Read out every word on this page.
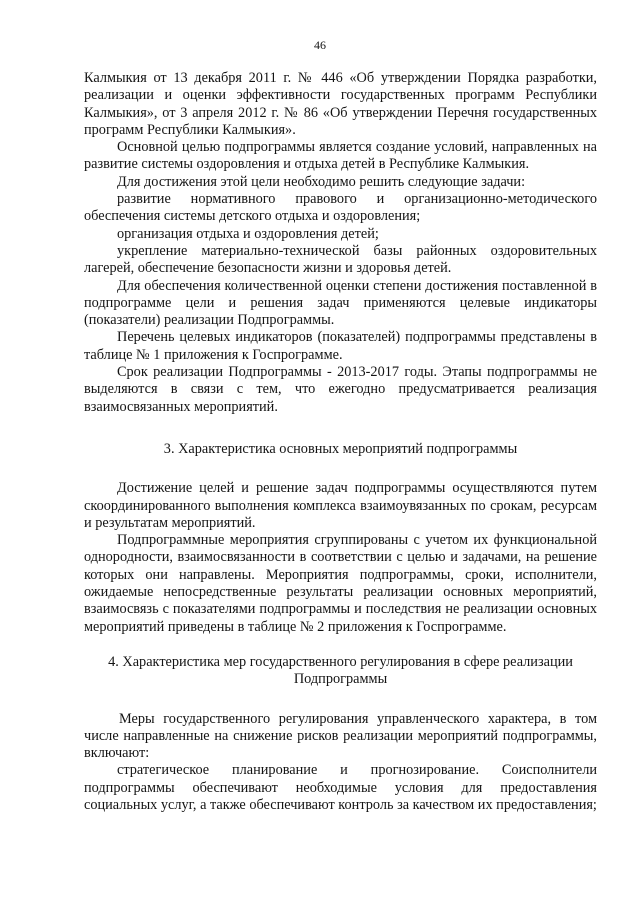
46

Калмыкия от 13 декабря 2011 г. № 446 «Об утверждении Порядка разработки, реализации и оценки эффективности государственных программ Республики Калмыкия», от 3 апреля 2012 г. № 86 «Об утверждении Перечня государственных программ Республики Калмыкия».

Основной целью подпрограммы является создание условий, направленных на развитие системы оздоровления и отдыха детей в Республике Калмыкия.

Для достижения этой цели необходимо решить следующие задачи:

развитие нормативного правового и организационно-методического обеспечения системы детского отдыха и оздоровления;

организация отдыха и оздоровления детей;

укрепление материально-технической базы районных оздоровительных лагерей, обеспечение безопасности жизни и здоровья детей.

Для обеспечения количественной оценки степени достижения поставленной в подпрограмме цели и решения задач применяются целевые индикаторы (показатели) реализации Подпрограммы.

Перечень целевых индикаторов (показателей) подпрограммы представлены в таблице № 1 приложения к Госпрограмме.

Срок реализации Подпрограммы - 2013-2017 годы. Этапы подпрограммы не выделяются в связи с тем, что ежегодно предусматривается реализация взаимосвязанных мероприятий.

3. Характеристика основных мероприятий подпрограммы

Достижение целей и решение задач подпрограммы осуществляются путем скоординированного выполнения комплекса взаимоувязанных по срокам, ресурсам и результатам мероприятий.

Подпрограммные мероприятия сгруппированы с учетом их функциональной однородности, взаимосвязанности в соответствии с целью и задачами, на решение которых они направлены. Мероприятия подпрограммы, сроки, исполнители, ожидаемые непосредственные результаты реализации основных мероприятий, взаимосвязь с показателями подпрограммы и последствия не реализации основных мероприятий приведены в таблице № 2 приложения к Госпрограмме.

4. Характеристика мер государственного регулирования в сфере реализации
Подпрограммы

Меры государственного регулирования управленческого характера, в том числе направленные на снижение рисков реализации мероприятий подпрограммы, включают:

стратегическое планирование и прогнозирование. Соисполнители подпрограммы обеспечивают необходимые условия для предоставления социальных услуг, а также обеспечивают контроль за качеством их предоставления;
